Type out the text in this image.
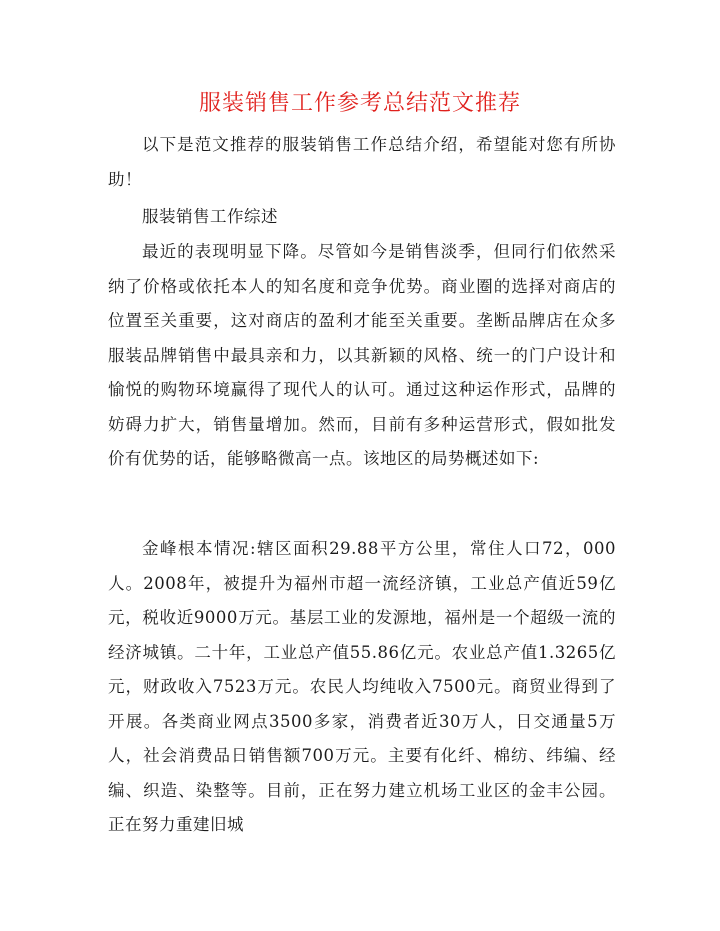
服装销售工作参考总结范文推荐
以下是范文推荐的服装销售工作总结介绍，希望能对您有所协助！
服装销售工作综述
最近的表现明显下降。尽管如今是销售淡季，但同行们依然采纳了价格或依托本人的知名度和竞争优势。商业圈的选择对商店的位置至关重要，这对商店的盈利才能至关重要。垄断品牌店在众多服装品牌销售中最具亲和力，以其新颖的风格、统一的门户设计和愉悦的购物环境赢得了现代人的认可。通过这种运作形式，品牌的妨碍力扩大，销售量增加。然而，目前有多种运营形式，假如批发价有优势的话，能够略微高一点。该地区的局势概述如下:
金峰根本情况:辖区面积29.88平方公里，常住人口72，000人。2008年，被提升为福州市超一流经济镇，工业总产值近59亿元，税收近9000万元。基层工业的发源地，福州是一个超级一流的经济城镇。二十年，工业总产值55.86亿元。农业总产值1.3265亿元，财政收入7523万元。农民人均纯收入7500元。商贸业得到了开展。各类商业网点3500多家，消费者近30万人，日交通量5万人，社会消费品日销售额700万元。主要有化纤、棉纺、纬编、经编、织造、染整等。目前，正在努力建立机场工业区的金丰公园。正在努力重建旧城
